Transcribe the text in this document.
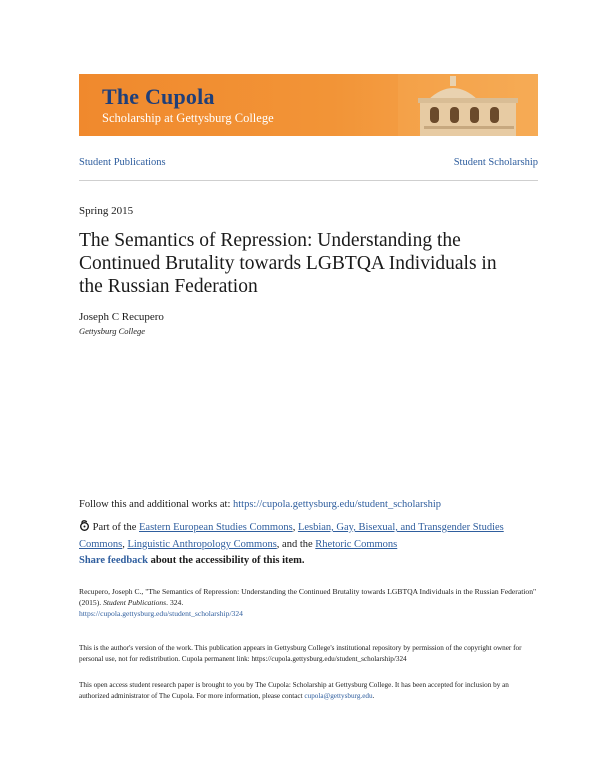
The Cupola
Scholarship at Gettysburg College
Student Publications	Student Scholarship
Spring 2015
The Semantics of Repression: Understanding the Continued Brutality towards LGBTQA Individuals in the Russian Federation
Joseph C Recupero
Gettysburg College
Follow this and additional works at: https://cupola.gettysburg.edu/student_scholarship
Part of the Eastern European Studies Commons, Lesbian, Gay, Bisexual, and Transgender Studies Commons, Linguistic Anthropology Commons, and the Rhetoric Commons
Share feedback about the accessibility of this item.
Recupero, Joseph C., "The Semantics of Repression: Understanding the Continued Brutality towards LGBTQA Individuals in the Russian Federation" (2015). Student Publications. 324.
https://cupola.gettysburg.edu/student_scholarship/324
This is the author's version of the work. This publication appears in Gettysburg College's institutional repository by permission of the copyright owner for personal use, not for redistribution. Cupola permanent link: https://cupola.gettysburg.edu/student_scholarship/324
This open access student research paper is brought to you by The Cupola: Scholarship at Gettysburg College. It has been accepted for inclusion by an authorized administrator of The Cupola. For more information, please contact cupola@gettysburg.edu.
